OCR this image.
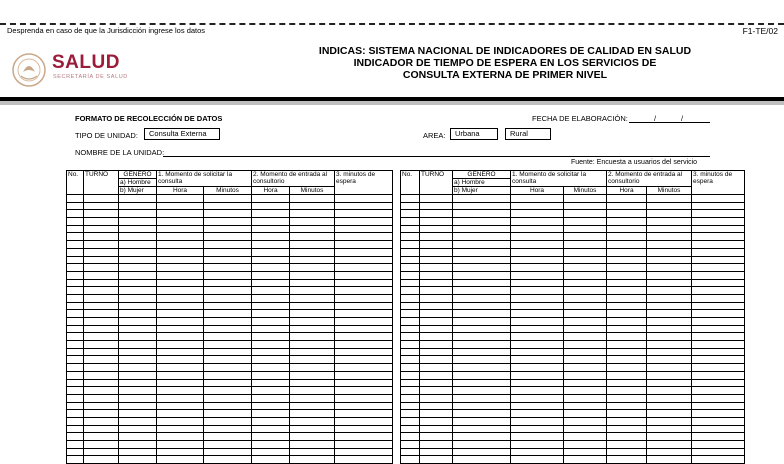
Desprenda en caso de que la Jurisdicción ingrese los datos	F1-TE/02
SALUD
SECRETARÍA DE SALUD
INDICAS: SISTEMA NACIONAL DE INDICADORES DE CALIDAD EN SALUD
INDICADOR DE TIEMPO DE ESPERA EN LOS SERVICIOS DE
CONSULTA EXTERNA DE PRIMER NIVEL
FORMATO DE RECOLECCIÓN DE DATOS	FECHA DE ELABORACIÓN:	/	/
TIPO DE UNIDAD:	Consulta Externa	AREA:	Urbana	Rural
NOMBRE DE LA UNIDAD:
Fuente: Encuesta a usuarios del servicio
No.	TURNO	GENERO	1. Momento de solicitar la consulta		2. Momento de entrada al consultorio		3. minutos de espera
		a) Hombre					
		b) Mujer	Hora	Minutos	Hora	Minutos	

No.	TURNO	GENERO	1. Momento de solicitar la consulta		2. Momento de entrada al consultorio		3. minutos de espera
		a) Hombre					
		b) Mujer	Hora	Minutos	Hora	Minutos	
